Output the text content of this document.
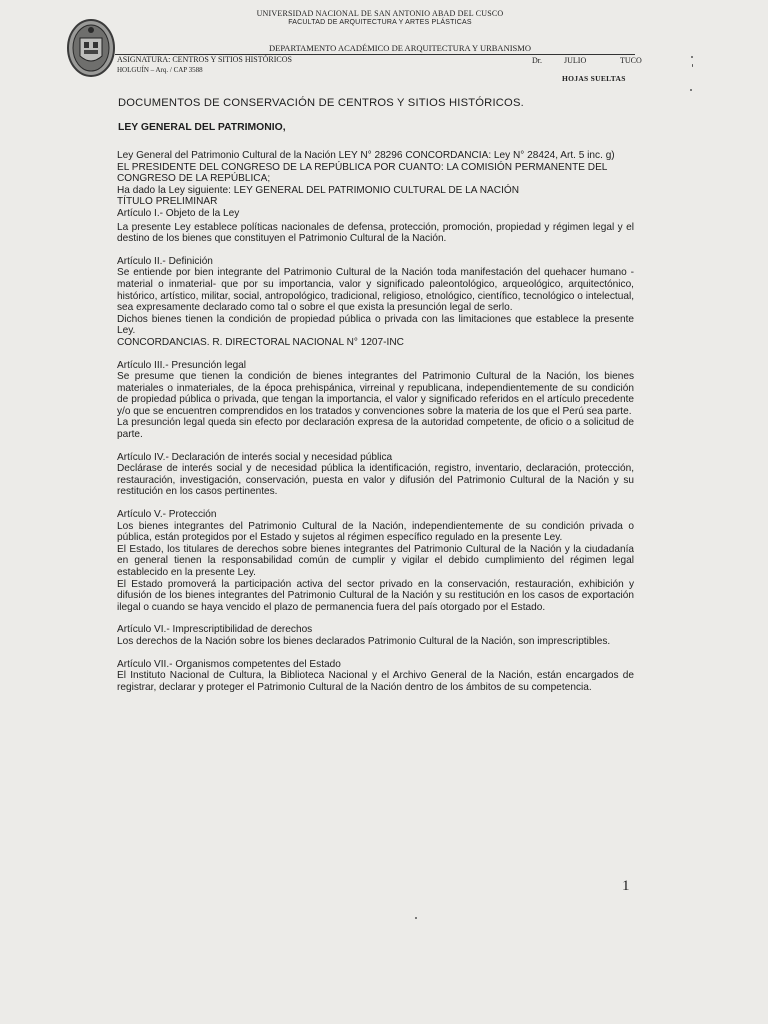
UNIVERSIDAD NACIONAL DE SAN ANTONIO ABAD DEL CUSCO
FACULTAD DE ARQUITECTURA Y ARTES PLÁSTICAS
DEPARTAMENTO ACADÉMICO DE ARQUITECTURA Y URBANISMO
ASIGNATURA: CENTROS Y SITIOS HISTÓRICOS
HOLGUÍN – Arq. / CAP 3588
Dr.	JULIO	TUCO
HOJAS SUELTAS
DOCUMENTOS DE CONSERVACIÓN DE CENTROS Y SITIOS HISTÓRICOS.
LEY GENERAL DEL PATRIMONIO,

Ley General del Patrimonio Cultural de la Nación LEY N° 28296 CONCORDANCIA: Ley N° 28424, Art. 5 inc. g)

EL PRESIDENTE DEL CONGRESO DE LA REPÚBLICA POR CUANTO: LA COMISIÓN PERMANENTE DEL CONGRESO DE LA REPÚBLICA;

Ha dado la Ley siguiente: LEY GENERAL DEL PATRIMONIO CULTURAL DE LA NACIÓN

TÍTULO PRELIMINAR

Artículo I.- Objeto de la Ley

La presente Ley establece políticas nacionales de defensa, protección, promoción, propiedad y régimen legal y el destino de los bienes que constituyen el Patrimonio Cultural de la Nación.

Artículo II.- Definición

Se entiende por bien integrante del Patrimonio Cultural de la Nación toda manifestación del quehacer humano -material o inmaterial- que por su importancia, valor y significado paleontológico, arqueológico, arquitectónico, histórico, artístico, militar, social, antropológico, tradicional, religioso, etnológico, científico, tecnológico o intelectual, sea expresamente declarado como tal o sobre el que exista la presunción legal de serlo.

Dichos bienes tienen la condición de propiedad pública o privada con las limitaciones que establece la presente Ley.

CONCORDANCIAS. R. DIRECTORAL NACIONAL N° 1207-INC

Artículo III.- Presunción legal

Se presume que tienen la condición de bienes integrantes del Patrimonio Cultural de la Nación, los bienes materiales o inmateriales, de la época prehispánica, virreinal y republicana, independientemente de su condición de propiedad pública o privada, que tengan la importancia, el valor y significado referidos en el artículo precedente y/o que se encuentren comprendidos en los tratados y convenciones sobre la materia de los que el Perú sea parte.

La presunción legal queda sin efecto por declaración expresa de la autoridad competente, de oficio o a solicitud de parte.

Artículo IV.- Declaración de interés social y necesidad pública

Declárase de interés social y de necesidad pública la identificación, registro, inventario, declaración, protección, restauración, investigación, conservación, puesta en valor y difusión del Patrimonio Cultural de la Nación y su restitución en los casos pertinentes.

Artículo V.- Protección

Los bienes integrantes del Patrimonio Cultural de la Nación, independientemente de su condición privada o pública, están protegidos por el Estado y sujetos al régimen específico regulado en la presente Ley.

El Estado, los titulares de derechos sobre bienes integrantes del Patrimonio Cultural de la Nación y la ciudadanía en general tienen la responsabilidad común de cumplir y vigilar el debido cumplimiento del régimen legal establecido en la presente Ley.

El Estado promoverá la participación activa del sector privado en la conservación, restauración, exhibición y difusión de los bienes integrantes del Patrimonio Cultural de la Nación y su restitución en los casos de exportación ilegal o cuando se haya vencido el plazo de permanencia fuera del país otorgado por el Estado.

Artículo VI.- Imprescriptibilidad de derechos

Los derechos de la Nación sobre los bienes declarados Patrimonio Cultural de la Nación, son imprescriptibles.

Artículo VII.- Organismos competentes del Estado

El Instituto Nacional de Cultura, la Biblioteca Nacional y el Archivo General de la Nación, están encargados de registrar, declarar y proteger el Patrimonio Cultural de la Nación dentro de los ámbitos de su competencia.

1
